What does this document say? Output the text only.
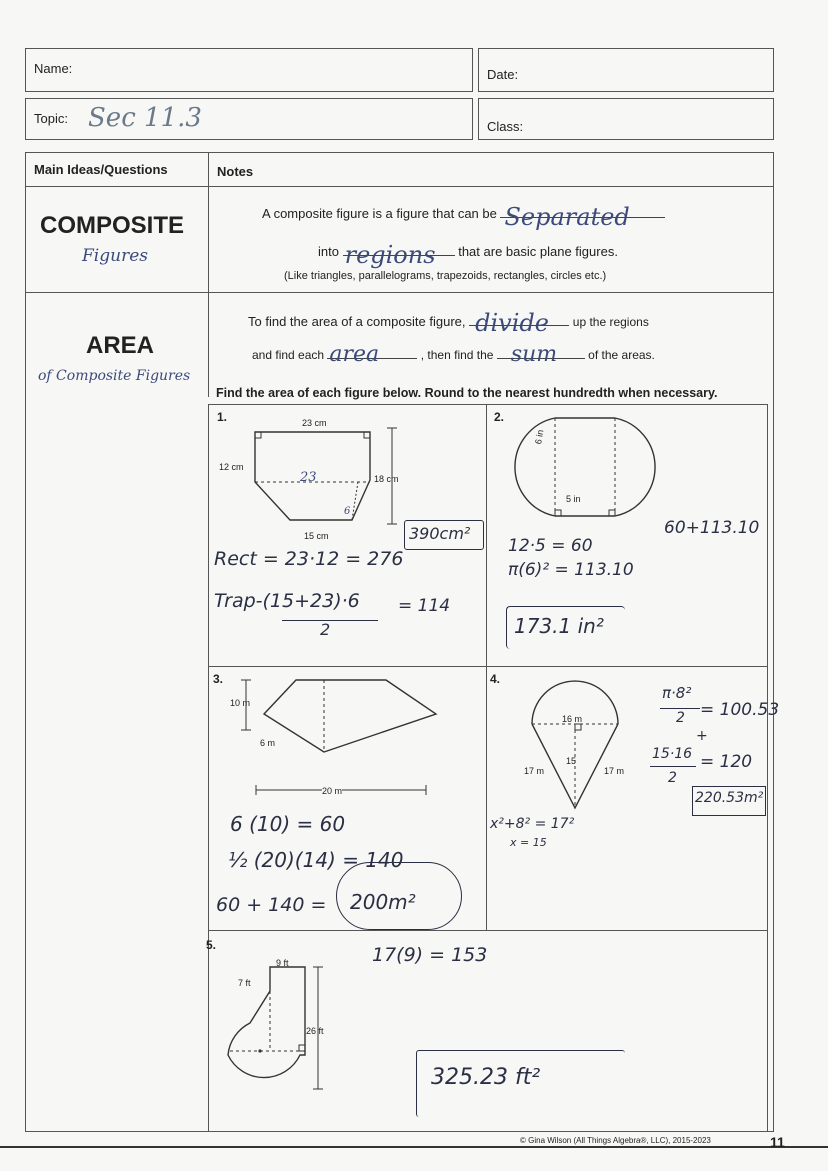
Name:	Date:
Topic: Sec 11.3	Class:
Main Ideas/Questions	Notes
COMPOSITE
Figures
A composite figure is a figure that can be Separated
into regions that are basic plane figures.
(Like triangles, parallelograms, trapezoids, rectangles, circles etc.)
AREA
of Composite Figures
To find the area of a composite figure, divide up the regions
and find each area	, then find the sum	of the areas.
Find the area of each figure below. Round to the nearest hundredth when necessary.
1.	23 cm
12 cm
18 cm
15 cm
23
6
Rect = 23·12 = 276
Trap-(15+23)·6
2
= 114
390cm²
2.
6 in
5 in
12·5 = 60
π(6)² = 113.10
60+113.10
173.1 in²
3.
10 m
6 m
20 m
6 (10) = 60
½ (20)(14) = 140
60 + 140 = 200m²
4.
16 m
17 m	17 m
15
π·8²
2 = 100.53
+
15·16
2
= 120
220.53m²
x²+8² = 17²
x = 15
5.
9 ft
7 ft
26 ft
17(9) = 153
325.23 ft²
© Gina Wilson (All Things Algebra®, LLC), 2015-2023	11
